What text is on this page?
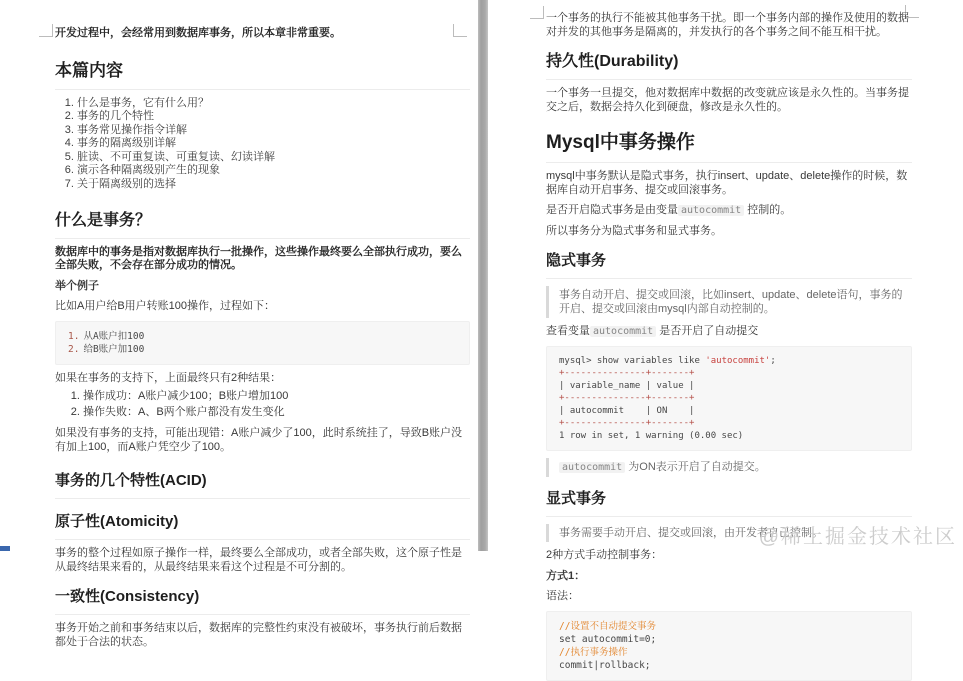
开发过程中，会经常用到数据库事务，所以本章非常重要。
本篇内容
1. 什么是事务，它有什么用？
2. 事务的几个特性
3. 事务常见操作指令详解
4. 事务的隔离级别详解
5. 脏读、不可重复读、可重复读、幻读详解
6. 演示各种隔离级别产生的现象
7. 关于隔离级别的选择
什么是事务？
数据库中的事务是指对数据库执行一批操作，这些操作最终要么全部执行成功，要么全部失败，不会存在部分成功的情况。
举个例子
比如A用户给B用户转账100操作，过程如下：
1. 从A账户扣100
2. 给B账户加100
如果在事务的支持下，上面最终只有2种结果：
1. 操作成功：A账户减少100；B账户增加100
2. 操作失败：A、B两个账户都没有发生变化
如果没有事务的支持，可能出现错：A账户减少了100，此时系统挂了，导致B账户没有加上100，而A账户凭空少了100。
事务的几个特性(ACID)
原子性(Atomicity)
事务的整个过程如原子操作一样，最终要么全部成功，或者全部失败，这个原子性是从最终结果来看的，从最终结果来看这个过程是不可分割的。
一致性(Consistency)
事务开始之前和事务结束以后，数据库的完整性约束没有被破坏，事务执行前后数据都处于合法的状态。
一个事务的执行不能被其他事务干扰。即一个事务内部的操作及使用的数据对并发的其他事务是隔离的，并发执行的各个事务之间不能互相干扰。
持久性(Durability)
一个事务一旦提交，他对数据库中数据的改变就应该是永久性的。当事务提交之后，数据会持久化到硬盘，修改是永久性的。
Mysql中事务操作
mysql中事务默认是隐式事务，执行insert、update、delete操作的时候，数据库自动开启事务、提交或回滚事务。
是否开启隐式事务是由变量 autocommit 控制的。
所以事务分为隐式事务和显式事务。
隐式事务
事务自动开启、提交或回滚，比如insert、update、delete语句，事务的开启、提交或回滚由mysql内部自动控制的。
查看变量 autocommit 是否开启了自动提交
mysql> show variables like 'autocommit';
+---------------+-------+
| variable_name | value |
+---------------+-------+
| autocommit    | ON    |
+---------------+-------+
1 row in set, 1 warning (0.00 sec)
autocommit 为ON表示开启了自动提交。
显式事务
事务需要手动开启、提交或回滚，由开发者自己控制。
2种方式手动控制事务：
方式1：
语法：
//设置不自动提交事务
set autocommit=0;
//执行事务操作
commit|rollback;
@稀土掘金技术社区
